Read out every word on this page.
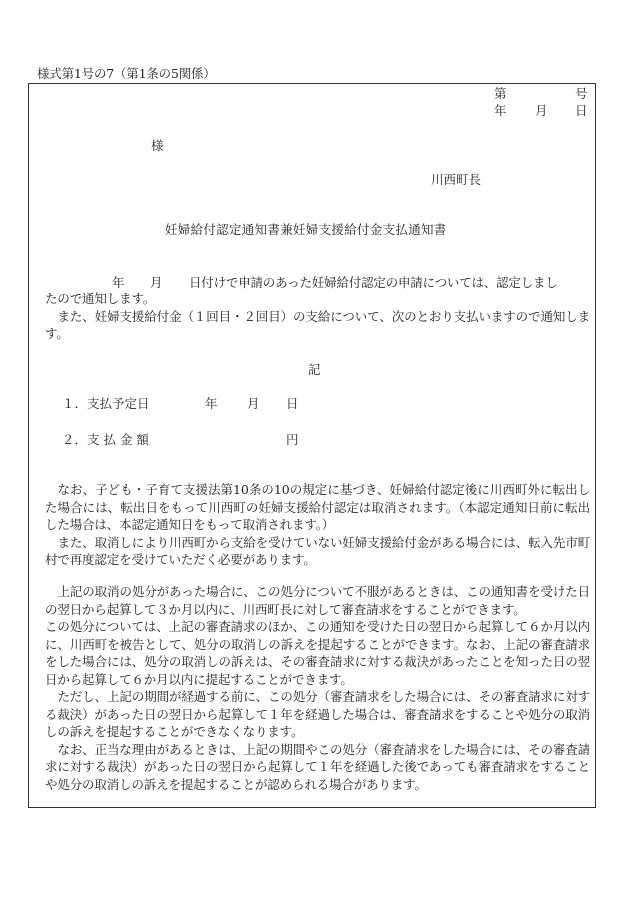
様式第1号の7（第1条の5関係）
第	号
年 月 日
様
川西町長
妊婦給付認定通知書兼妊婦支援給付金支払通知書
年 月 日付けで申請のあった妊婦給付認定の申請については、認定しまし

たので通知します。

また、妊婦支援給付金（１回目・２回目）の支給について、次のとおり支払いますので通知します。

記
１．支払予定日	年 月 日
２．支 払 金 額	円

なお、子ども・子育て支援法第10条の10の規定に基づき、妊婦給付認定後に川西町外に転出した場合には、転出日をもって川西町の妊婦支援給付認定は取消されます。（本認定通知日前に転出した場合は、本認定通知日をもって取消されます。）

また、取消しにより川西町から支給を受けていない妊婦支援給付金がある場合には、転入先市町村で再度認定を受けていただく必要があります。

上記の取消の処分があった場合に、この処分について不服があるときは、この通知書を受けた日の翌日から起算して３か月以内に、川西町長に対して審査請求をすることができます。

この処分については、上記の審査請求のほか、この通知を受けた日の翌日から起算して６か月以内に、川西町を被告として、処分の取消しの訴えを提起することができます。なお、上記の審査請求をした場合には、処分の取消しの訴えは、その審査請求に対する裁決があったことを知った日の翌日から起算して６か月以内に提起することができます。

ただし、上記の期間が経過する前に、この処分（審査請求をした場合には、その審査請求に対する裁決）があった日の翌日から起算して１年を経過した場合は、審査請求をすることや処分の取消しの訴えを提起することができなくなります。

なお、正当な理由があるときは、上記の期間やこの処分（審査請求をした場合には、その審査請求に対する裁決）があった日の翌日から起算して１年を経過した後であっても審査請求をすることや処分の取消しの訴えを提起することが認められる場合があります。
